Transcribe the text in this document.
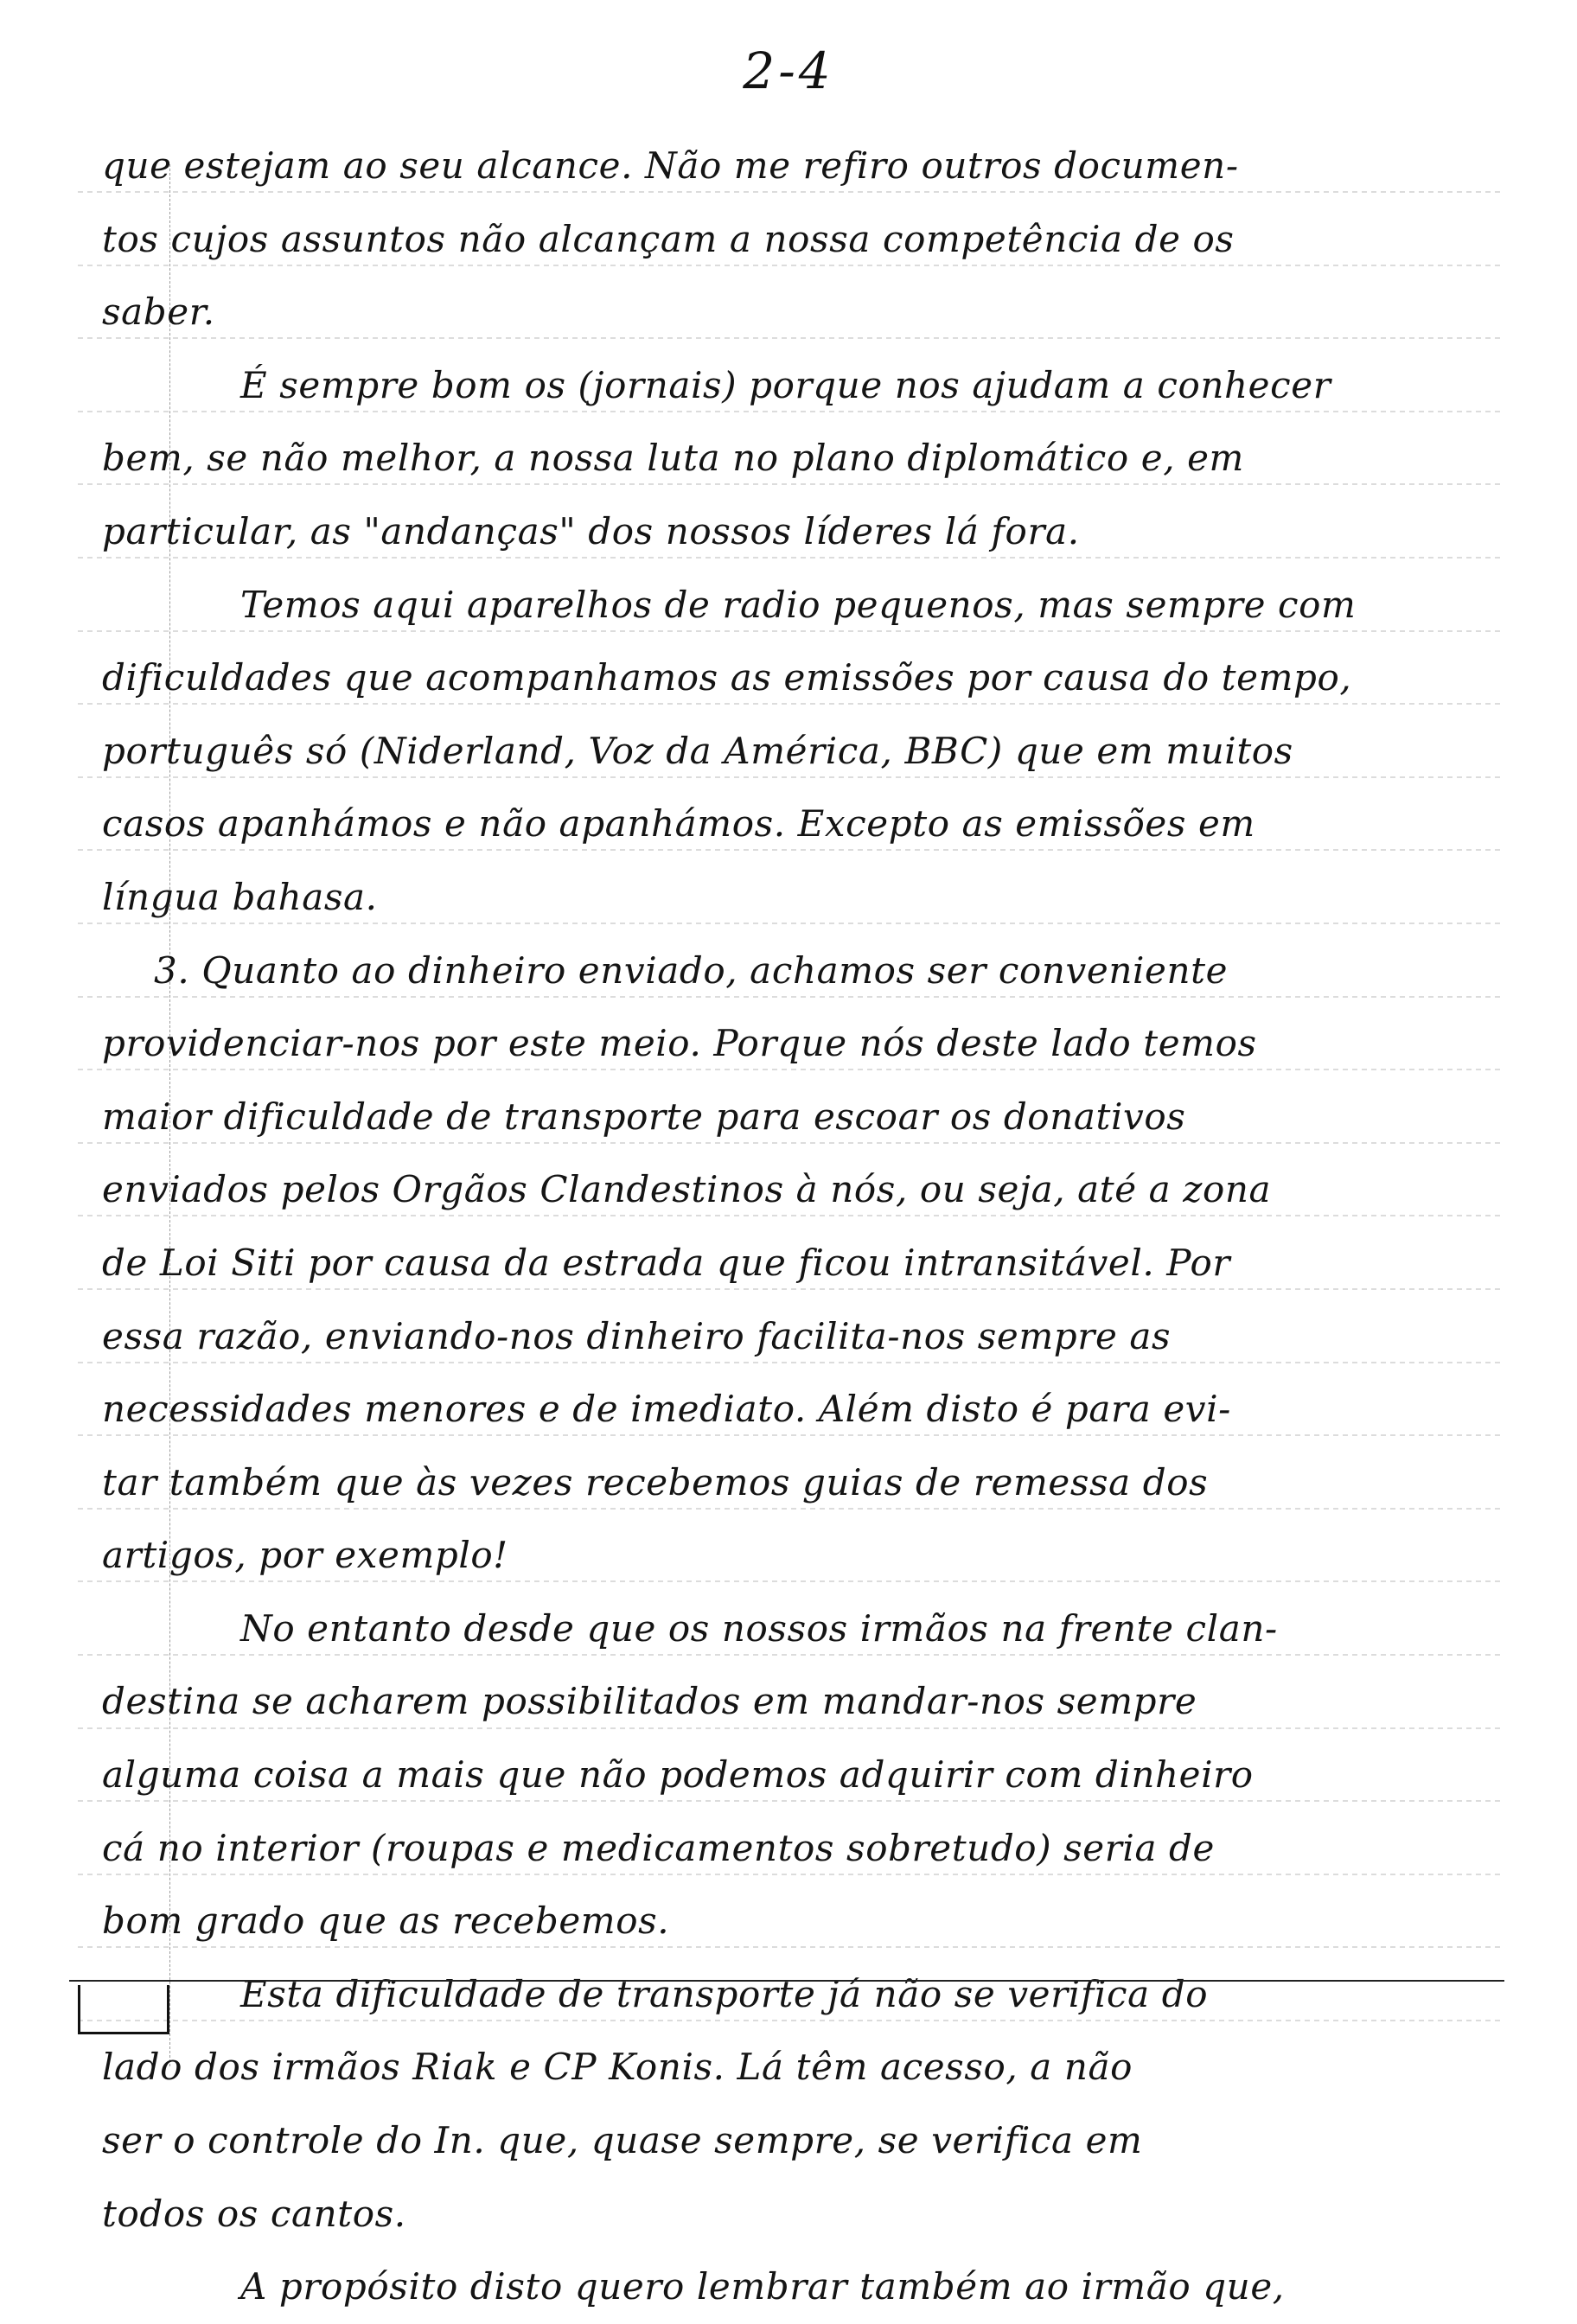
2-4
que estejam ao seu alcance. Não me refiro outros documen-
tos cujos assuntos não alcançam a nossa competência de os
saber.
É sempre bom os (jornais) porque nos ajudam a conhecer
bem, se não melhor, a nossa luta no plano diplomático e, em
particular, as "andanças" dos nossos líderes lá fora.
Temos aqui aparelhos de radio pequenos, mas sempre com
dificuldades que acompanhamos as emissões por causa do tempo,
português só (Niderland, Voz da América, BBC) que em muitos
casos apanhámos e não apanhámos. Excepto as emissões em
língua bahasa.
3. Quanto ao dinheiro enviado, achamos ser conveniente
providenciar-nos por este meio. Porque nós deste lado temos
maior dificuldade de transporte para escoar os donativos
enviados pelos Orgãos Clandestinos à nós, ou seja, até a zona
de Loi Siti por causa da estrada que ficou intransitável. Por
essa razão, enviando-nos dinheiro facilita-nos sempre as
necessidades menores e de imediato. Além disto é para evi-
tar também que às vezes recebemos guias de remessa dos
artigos, por exemplo!
No entanto desde que os nossos irmãos na frente clan-
destina se acharem possibilitados em mandar-nos sempre
alguma coisa a mais que não podemos adquirir com dinheiro
cá no interior (roupas e medicamentos sobretudo) seria de
bom grado que as recebemos.
Esta dificuldade de transporte já não se verifica do
lado dos irmãos Riak e CP Konis. Lá têm acesso, a não
ser o controle do In. que, quase sempre, se verifica em
todos os cantos.
A propósito disto quero lembrar também ao irmão que,
